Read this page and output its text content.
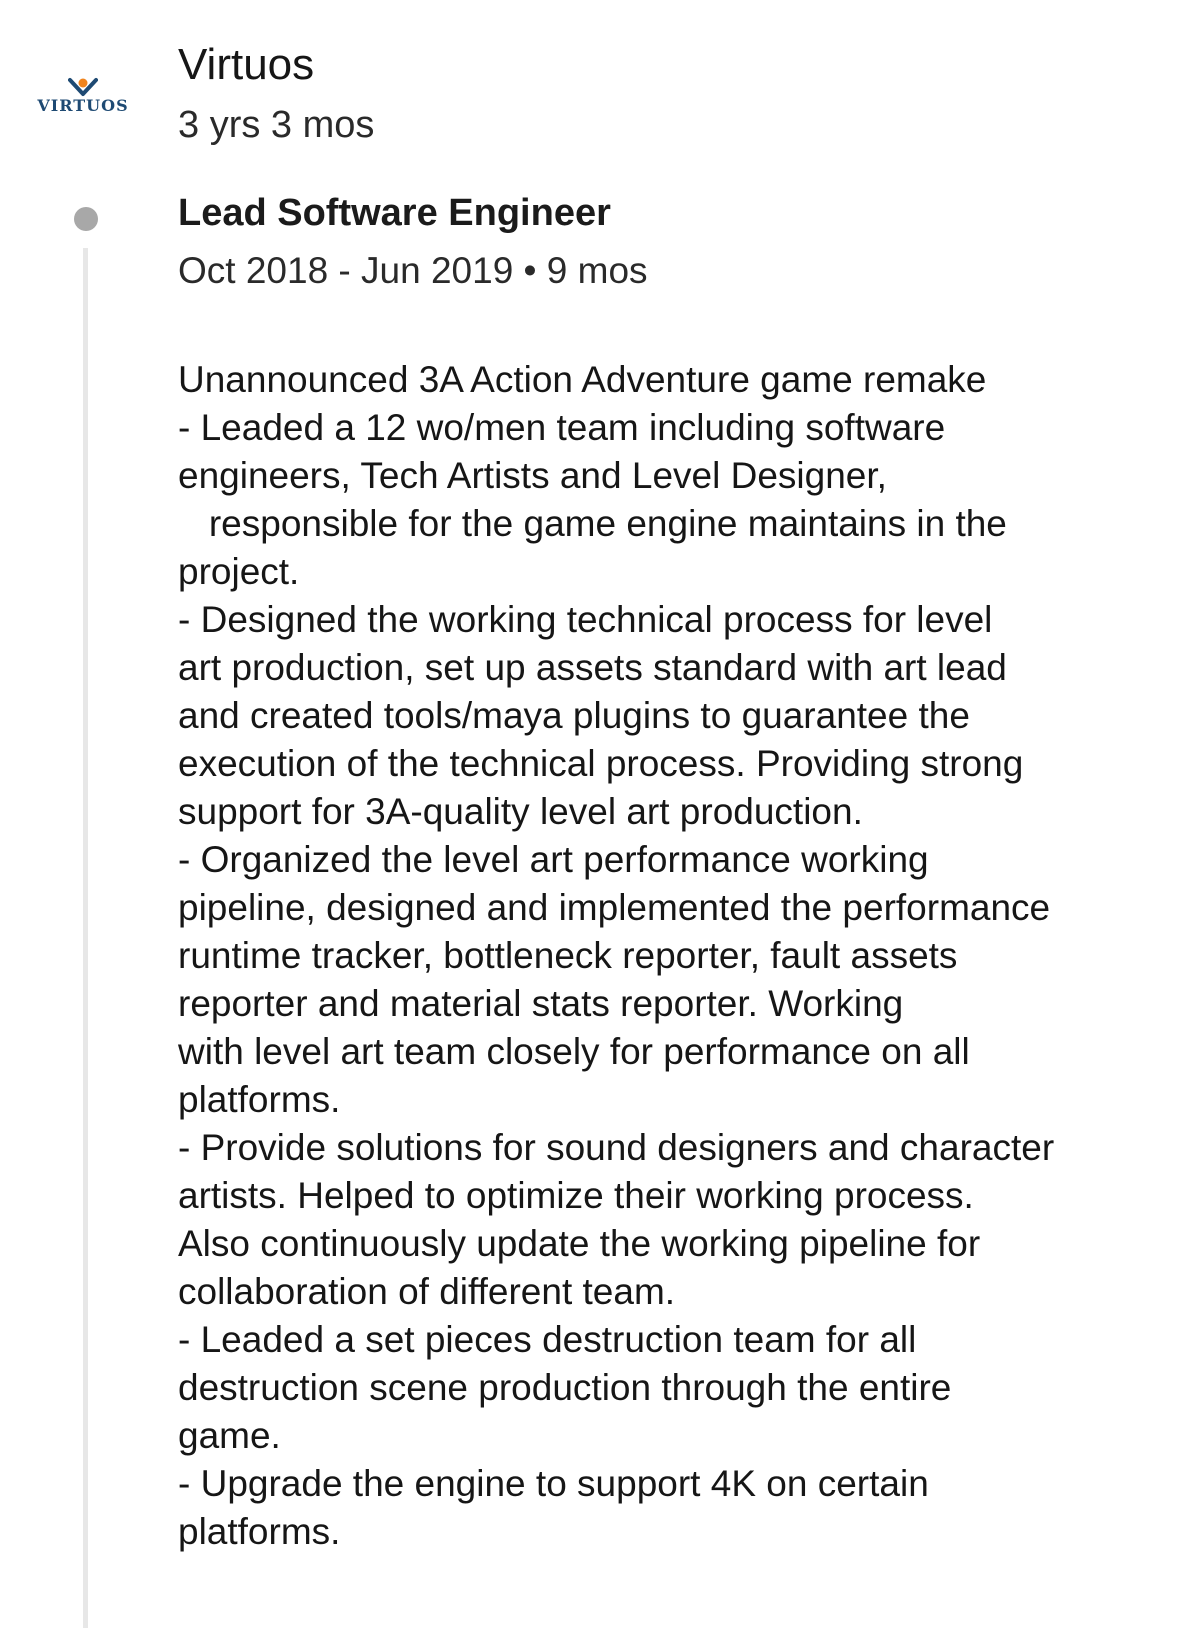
VIRTUOS
Virtuos
3 yrs 3 mos
Lead Software Engineer
Oct 2018 - Jun 2019 • 9 mos
Unannounced 3A Action Adventure game remake
- Leaded a 12 wo/men team including software
engineers, Tech Artists and Level Designer,
responsible for the game engine maintains in the
project.
- Designed the working technical process for level
art production, set up assets standard with art lead
and created tools/maya plugins to guarantee the
execution of the technical process. Providing strong
support for 3A-quality level art production.
- Organized the level art performance working
pipeline, designed and implemented the performance
runtime tracker, bottleneck reporter, fault assets
reporter and material stats reporter. Working
with level art team closely for performance on all
platforms.
- Provide solutions for sound designers and character
artists. Helped to optimize their working process.
Also continuously update the working pipeline for
collaboration of different team.
- Leaded a set pieces destruction team for all
destruction scene production through the entire
game.
- Upgrade the engine to support 4K on certain
platforms.
